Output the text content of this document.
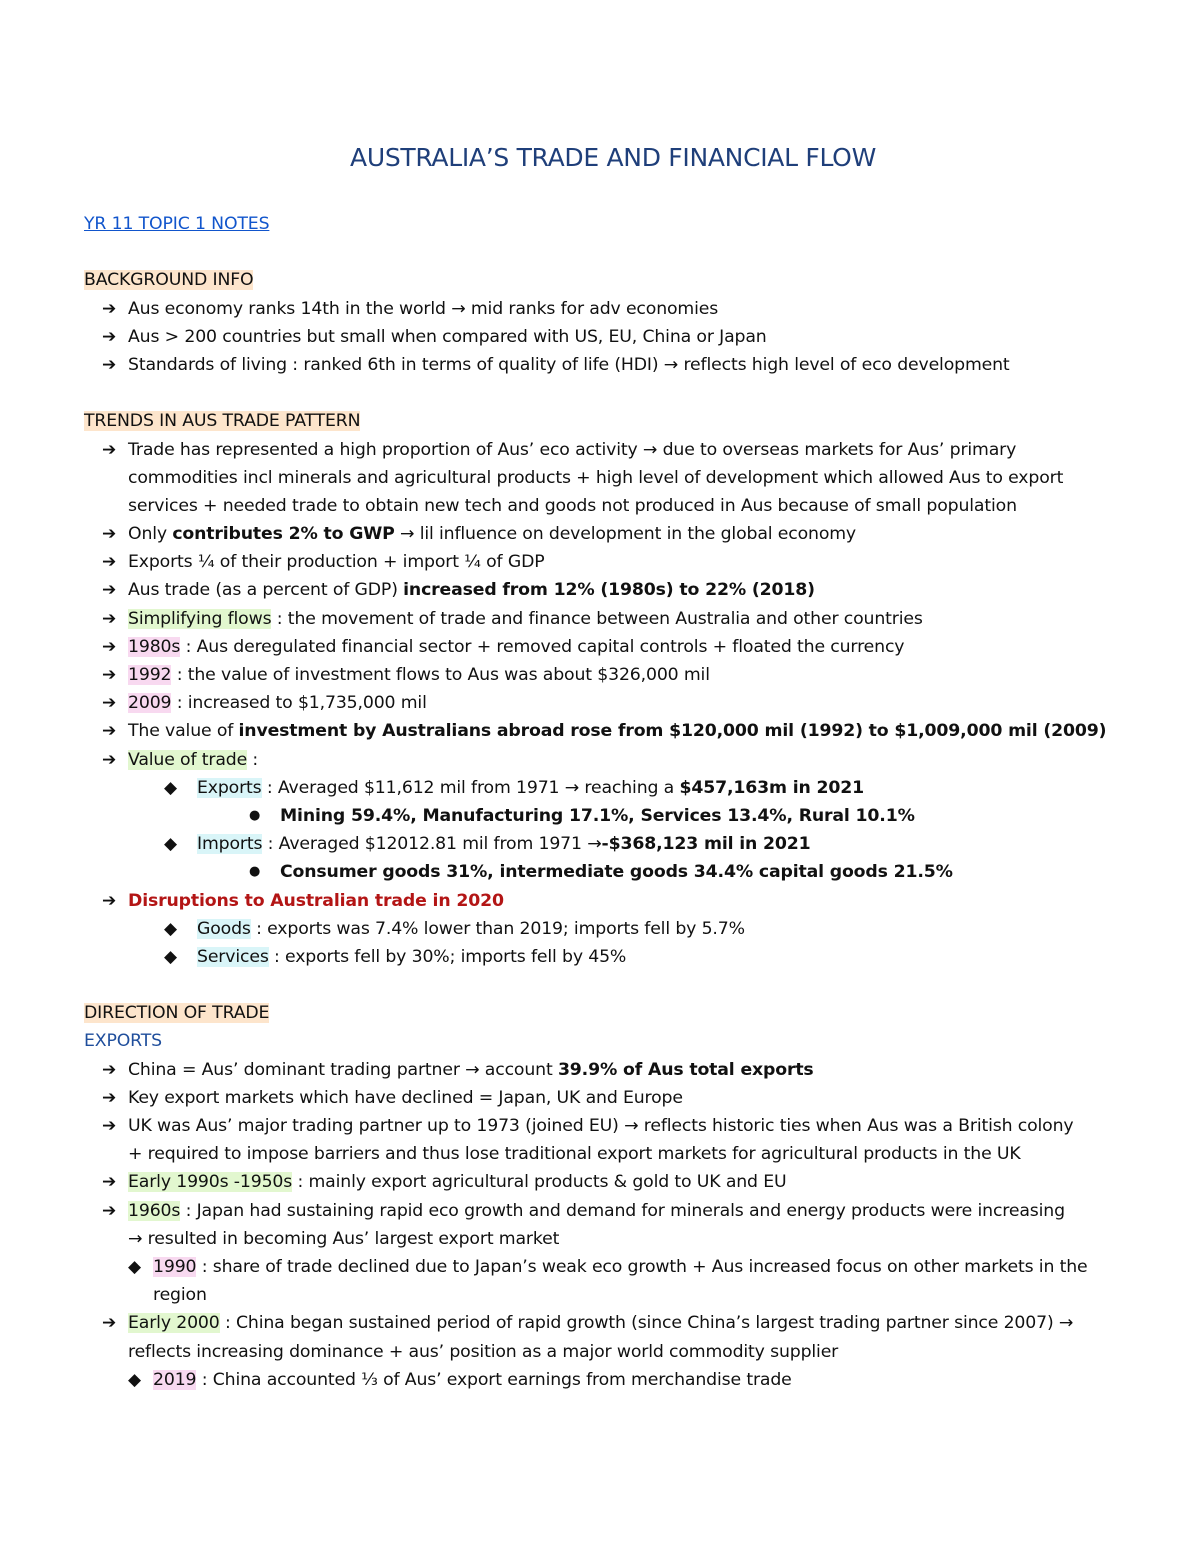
AUSTRALIA’S TRADE AND FINANCIAL FLOW
YR 11 TOPIC 1 NOTES
BACKGROUND INFO
➔ Aus economy ranks 14th in the world → mid ranks for adv economies
➔ Aus > 200 countries but small when compared with US, EU, China or Japan
➔ Standards of living : ranked 6th in terms of quality of life (HDI) → reflects high level of eco development
TRENDS IN AUS TRADE PATTERN
➔ Trade has represented a high proportion of Aus’ eco activity → due to overseas markets for Aus’ primary
commodities incl minerals and agricultural products + high level of development which allowed Aus to export
services + needed trade to obtain new tech and goods not produced in Aus because of small population
➔ Only contributes 2% to GWP → lil influence on development in the global economy
➔ Exports ¼ of their production + import ¼ of GDP
➔ Aus trade (as a percent of GDP) increased from 12% (1980s) to 22% (2018)
➔ Simplifying flows : the movement of trade and finance between Australia and other countries
➔ 1980s : Aus deregulated financial sector + removed capital controls + floated the currency
➔ 1992 : the value of investment flows to Aus was about $326,000 mil
➔ 2009 : increased to $1,735,000 mil
➔ The value of investment by Australians abroad rose from $120,000 mil (1992) to $1,009,000 mil (2009)
➔ Value of trade :
◆ Exports : Averaged $11,612 mil from 1971 → reaching a $457,163m in 2021
● Mining 59.4%, Manufacturing 17.1%, Services 13.4%, Rural 10.1%
◆ Imports : Averaged $12012.81 mil from 1971 →-$368,123 mil in 2021
● Consumer goods 31%, intermediate goods 34.4% capital goods 21.5%
➔ Disruptions to Australian trade in 2020
◆ Goods : exports was 7.4% lower than 2019; imports fell by 5.7%
◆ Services : exports fell by 30%; imports fell by 45%
DIRECTION OF TRADE
EXPORTS
➔ China = Aus’ dominant trading partner → account 39.9% of Aus total exports
➔ Key export markets which have declined = Japan, UK and Europe
➔ UK was Aus’ major trading partner up to 1973 (joined EU) → reflects historic ties when Aus was a British colony
+ required to impose barriers and thus lose traditional export markets for agricultural products in the UK
➔ Early 1990s -1950s : mainly export agricultural products & gold to UK and EU
➔ 1960s : Japan had sustaining rapid eco growth and demand for minerals and energy products were increasing
→ resulted in becoming Aus’ largest export market
◆ 1990 : share of trade declined due to Japan’s weak eco growth + Aus increased focus on other markets in the
region
➔ Early 2000 : China began sustained period of rapid growth (since China’s largest trading partner since 2007) →
reflects increasing dominance + aus’ position as a major world commodity supplier
◆ 2019 : China accounted ⅓ of Aus’ export earnings from merchandise trade
